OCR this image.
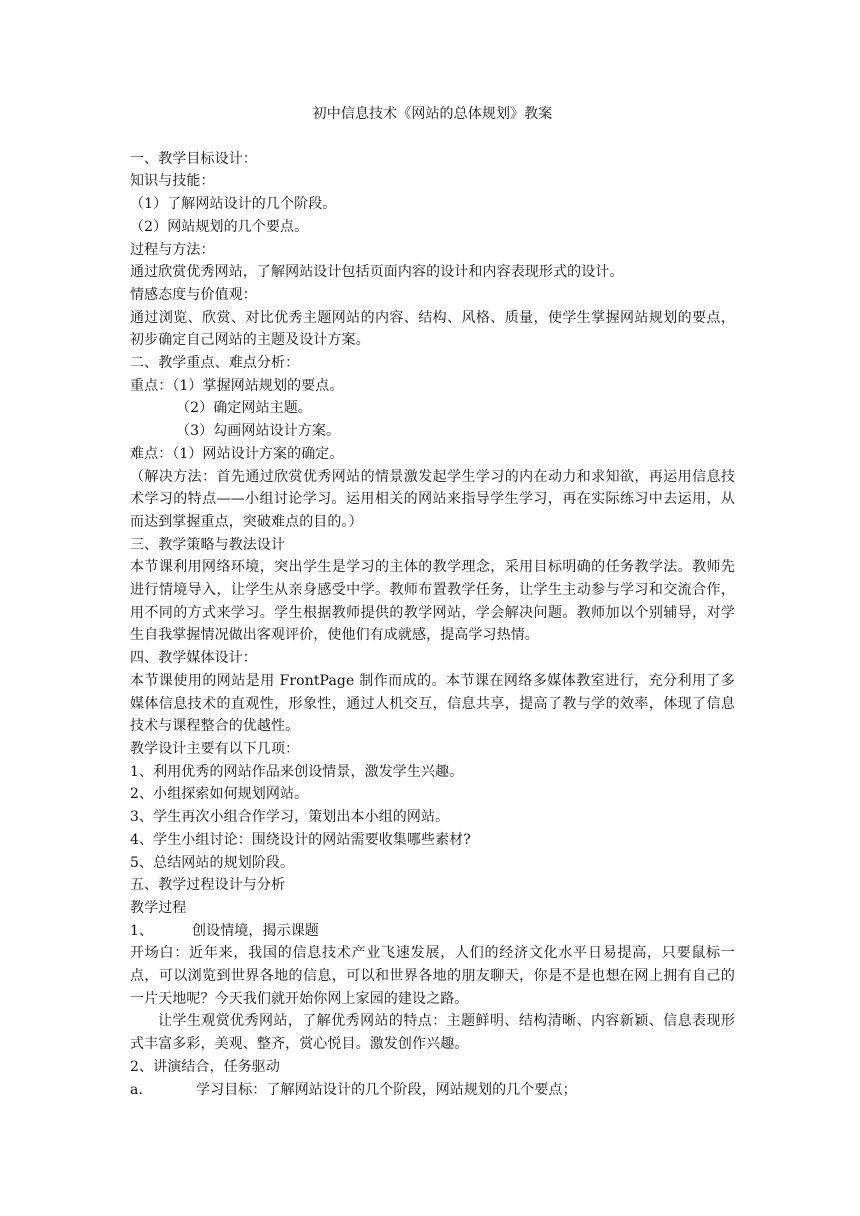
初中信息技术《网站的总体规划》教案
一、教学目标设计：
知识与技能：
（1）了解网站设计的几个阶段。
（2）网站规划的几个要点。
过程与方法：
通过欣赏优秀网站，了解网站设计包括页面内容的设计和内容表现形式的设计。
情感态度与价值观：
通过浏览、欣赏、对比优秀主题网站的内容、结构、风格、质量，使学生掌握网站规划的要点，初步确定自己网站的主题及设计方案。
二、教学重点、难点分析：
重点：（1）掌握网站规划的要点。
（2）确定网站主题。
（3）勾画网站设计方案。
难点：（1）网站设计方案的确定。
（解决方法：首先通过欣赏优秀网站的情景激发起学生学习的内在动力和求知欲，再运用信息技术学习的特点——小组讨论学习。运用相关的网站来指导学生学习，再在实际练习中去运用，从而达到掌握重点，突破难点的目的。）
三、教学策略与教法设计
本节课利用网络环境，突出学生是学习的主体的教学理念，采用目标明确的任务教学法。教师先进行情境导入，让学生从亲身感受中学。教师布置教学任务，让学生主动参与学习和交流合作，用不同的方式来学习。学生根据教师提供的教学网站，学会解决问题。教师加以个别辅导，对学生自我掌握情况做出客观评价，使他们有成就感，提高学习热情。
四、教学媒体设计：
本节课使用的网站是用 FrontPage 制作而成的。本节课在网络多媒体教室进行，充分利用了多媒体信息技术的直观性，形象性，通过人机交互，信息共享，提高了教与学的效率，体现了信息技术与课程整合的优越性。
教学设计主要有以下几项：
1、利用优秀的网站作品来创设情景，激发学生兴趣。
2、小组探索如何规划网站。
3、学生再次小组合作学习，策划出本小组的网站。
4、学生小组讨论：围绕设计的网站需要收集哪些素材?
5、总结网站的规划阶段。
五、教学过程设计与分析
教学过程
1、	创设情境，揭示课题
开场白：近年来，我国的信息技术产业飞速发展，人们的经济文化水平日易提高，只要鼠标一点，可以浏览到世界各地的信息，可以和世界各地的朋友聊天，你是不是也想在网上拥有自己的一片天地呢？今天我们就开始你网上家园的建设之路。
让学生观赏优秀网站，了解优秀网站的特点：主题鲜明、结构清晰、内容新颖、信息表现形式丰富多彩，美观、整齐，赏心悦目。激发创作兴趣。
2、讲演结合，任务驱动
a.	学习目标：了解网站设计的几个阶段，网站规划的几个要点；
